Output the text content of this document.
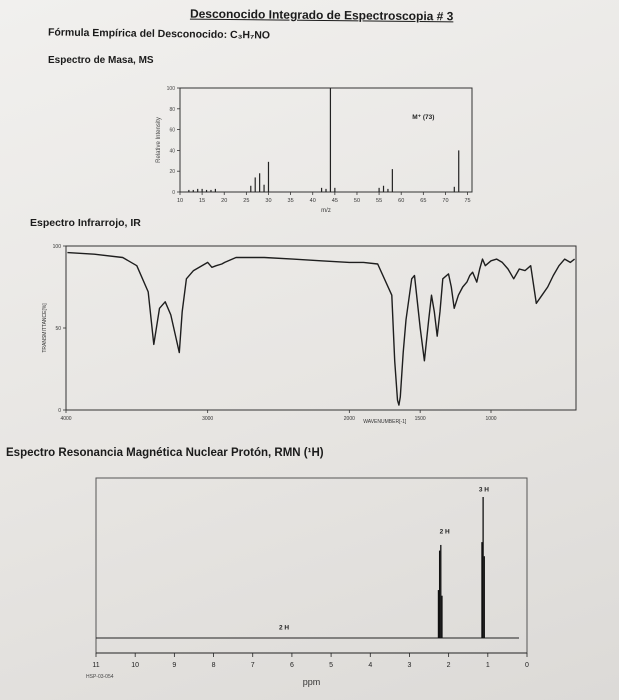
Desconocido Integrado de Espectroscopia # 3
Fórmula Empírica del Desconocido: C₃H₇NO
Espectro de Masa, MS
Espectro Infrarrojo, IR
Espectro Resonancia Magnética Nuclear Protón, RMN (¹H)
0
20
40
60
80
100
10	15	20	25	30	35	40	45	50	55	60	65	70	75
m/z
Relative Intensity	M⁺ (73)
0
50
100
4000	3000	2000	1500	1000
WAVENUMBER[-1]
TRANSMITTANCE[%]
11	10	9	8	7	6	5	4	3	2	1	0
2 H
2 H
3 H
ppm
HSP-03-054
